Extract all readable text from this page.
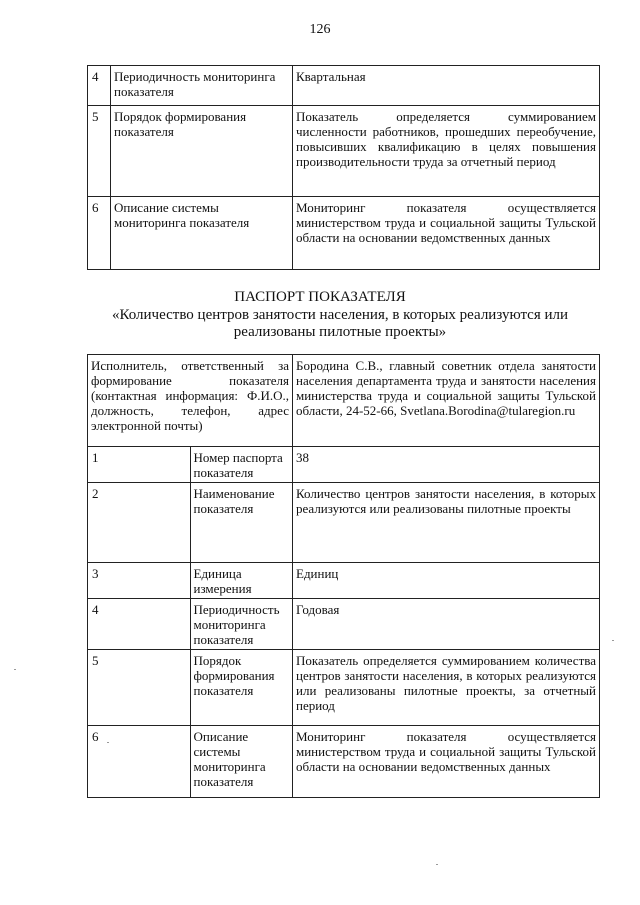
126
4	Периодичность мониторинга показателя	Квартальная
5	Порядок формирования показателя	Показатель определяется суммированием численности работников, прошедших переобучение, повысивших квалификацию в целях повышения производительности труда за отчетный период
6	Описание системы мониторинга показателя	Мониторинг показателя осуществляется министерством труда и социальной защиты Тульской области на основании ведомственных данных
ПАСПОРТ ПОКАЗАТЕЛЯ
«Количество центров занятости населения, в которых реализуются или реализованы пилотные проекты»
Исполнитель, ответственный за формирование показателя (контактная информация: Ф.И.О., должность, телефон, адрес электронной почты)		Бородина С.В., главный советник отдела занятости населения департамента труда и занятости населения министерства труда и социальной защиты Тульской области, 24-52-66, Svetlana.Borodina@tularegion.ru
1	Номер паспорта показателя	38
2	Наименование показателя	Количество центров занятости населения, в которых реализуются или реализованы пилотные проекты
3	Единица измерения	Единиц
4	Периодичность мониторинга показателя	Годовая
5	Порядок формирования показателя	Показатель определяется суммированием количества центров занятости населения, в которых реализуются или реализованы пилотные проекты, за отчетный период
6	Описание системы мониторинга показателя	Мониторинг показателя осуществляется министерством труда и социальной защиты Тульской области на основании ведомственных данных
